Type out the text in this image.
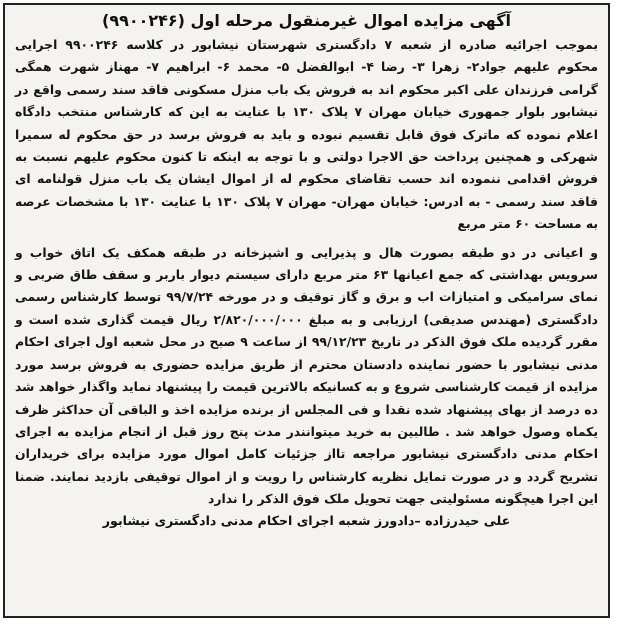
آگهی مزایده اموال غیرمنقول مرحله اول (۹۹۰۰۲۴۶)
بموجب اجرائیه صادره از شعبه ۷ دادگستری شهرستان نیشابور در کلاسه ۹۹۰۰۲۴۶ اجرایی محکوم علیهم جواد۲- زهرا ۳- رضا ۴- ابوالفضل ۵- محمد ۶- ابراهیم ۷- مهناز شهرت همگی گرامی فرزندان علی اکبر محکوم اند به فروش یک باب منزل مسکونی فاقد سند رسمی واقع در نیشابور بلوار جمهوری خیابان مهران ۷ پلاک ۱۳۰ با عنایت به این که کارشناس منتخب دادگاه اعلام نموده که ماترک فوق قابل تقسیم نبوده و باید به فروش برسد در حق محکوم له سمیرا شهرکی و همچنین پرداخت حق الاجرا دولتی و با توجه به اینکه تا کنون محکوم علیهم نسبت به فروش اقدامی ننموده اند حسب تقاضای محکوم له از اموال ایشان یک باب منزل قولنامه ای فاقد سند رسمی - به ادرس: خیابان مهران- مهران ۷ پلاک ۱۳۰ با عنایت ۱۳۰ با مشخصات عرصه به مساحت ۶۰ متر مربع
و اعیانی در دو طبقه بصورت هال و پذیرایی و اشپزخانه در طبقه همکف یک اتاق خواب و سرویس بهداشتی که جمع اعیانها ۶۳ متر مربع دارای سیستم دیوار باربر و سقف طاق ضربی و نمای سرامیکی و امتیازات اب و برق و گاز توقیف و در مورخه ۹۹/۷/۲۴ توسط کارشناس رسمی دادگستری (مهندس صدیقی) ارزیابی و به مبلغ ۲/۸۲۰/۰۰۰/۰۰۰ ریال قیمت گذاری شده است و مقرر گردیده ملک فوق الذکر در تاریخ ۹۹/۱۲/۲۳ از ساعت ۹ صبح در محل شعبه اول اجرای احکام مدنی نیشابور با حضور نماینده دادستان محترم از طریق مزایده حضوری به فروش برسد مورد مزایده از قیمت کارشناسی شروع و به کسانیکه بالاترین قیمت را پیشنهاد نماید واگذار خواهد شد ده درصد از بهای پیشنهاد شده نقدا و فی المجلس از برنده مزایده اخذ و الباقی آن حداکثر ظرف یکماه وصول خواهد شد . طالبین به خرید میتوانندر مدت پنج روز قبل از انجام مزایده به اجرای احکام مدنی دادگستری نیشابور مراجعه تااز جزئیات کامل اموال مورد مزایده برای خریداران تشریح گردد و در صورت تمایل نظریه کارشناس را رویت و از اموال توقیفی بازدید نمایند. ضمنا این اجرا هیچگونه مسئولیتی جهت تحویل ملک فوق الذکر را ندارد
علی حیدرزاده –دادورز شعبه اجرای احکام مدنی دادگستری نیشابور
